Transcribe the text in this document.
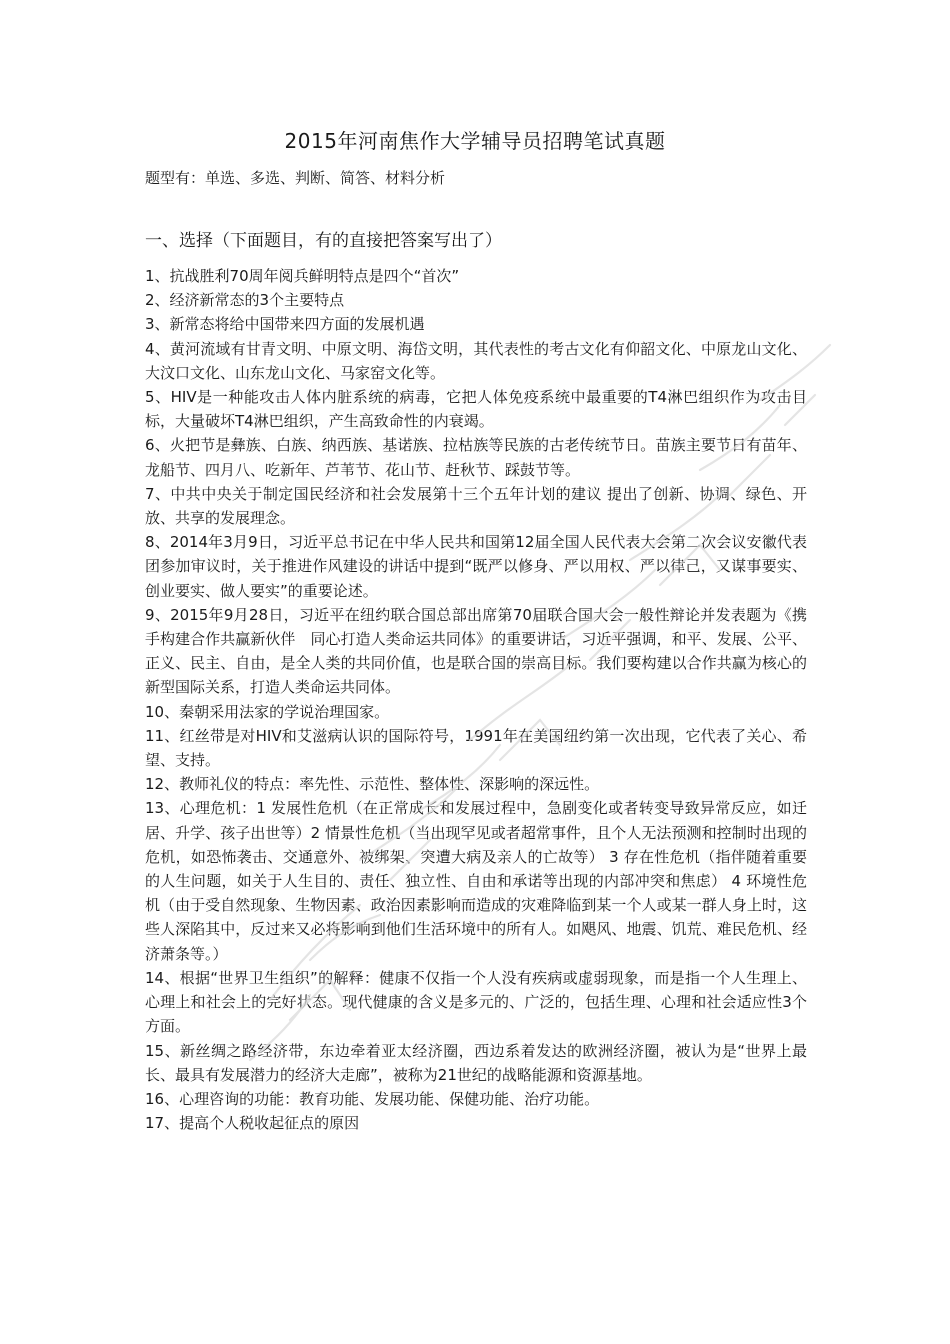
2015年河南焦作大学辅导员招聘笔试真题
题型有：单选、多选、判断、简答、材料分析
一、选择（下面题目，有的直接把答案写出了）

1、抗战胜利70周年阅兵鲜明特点是四个“首次”

2、经济新常态的3个主要特点

3、新常态将给中国带来四方面的发展机遇

4、黄河流域有甘青文明、中原文明、海岱文明，其代表性的考古文化有仰韶文化、中原龙山文化、大汶口文化、山东龙山文化、马家窑文化等。

5、HIV是一种能攻击人体内脏系统的病毒，它把人体免疫系统中最重要的T4淋巴组织作为攻击目标，大量破坏T4淋巴组织，产生高致命性的内衰竭。

6、火把节是彝族、白族、纳西族、基诺族、拉枯族等民族的古老传统节日。苗族主要节日有苗年、龙船节、四月八、吃新年、芦苇节、花山节、赶秋节、踩鼓节等。

7、中共中央关于制定国民经济和社会发展第十三个五年计划的建议 提出了创新、协调、绿色、开放、共享的发展理念。

8、2014年3月9日，习近平总书记在中华人民共和国第12届全国人民代表大会第二次会议安徽代表团参加审议时，关于推进作风建设的讲话中提到“既严以修身、严以用权、严以律己，又谋事要实、创业要实、做人要实”的重要论述。

9、2015年9月28日，习近平在纽约联合国总部出席第70届联合国大会一般性辩论并发表题为《携手构建合作共赢新伙伴　同心打造人类命运共同体》的重要讲话，习近平强调，和平、发展、公平、正义、民主、自由，是全人类的共同价值，也是联合国的崇高目标。我们要构建以合作共赢为核心的新型国际关系，打造人类命运共同体。

10、秦朝采用法家的学说治理国家。

11、红丝带是对HIV和艾滋病认识的国际符号，1991年在美国纽约第一次出现，它代表了关心、希望、支持。

12、教师礼仪的特点：率先性、示范性、整体性、深影响的深远性。

13、心理危机：1 发展性危机（在正常成长和发展过程中，急剧变化或者转变导致异常反应，如迁居、升学、孩子出世等）2 情景性危机（当出现罕见或者超常事件，且个人无法预测和控制时出现的危机，如恐怖袭击、交通意外、被绑架、突遭大病及亲人的亡故等） 3 存在性危机（指伴随着重要的人生问题，如关于人生目的、责任、独立性、自由和承诺等出现的内部冲突和焦虑） 4 环境性危机（由于受自然现象、生物因素、政治因素影响而造成的灾难降临到某一个人或某一群人身上时，这些人深陷其中，反过来又必将影响到他们生活环境中的所有人。如飓风、地震、饥荒、难民危机、经济萧条等。）

14、根据“世界卫生组织”的解释：健康不仅指一个人没有疾病或虚弱现象，而是指一个人生理上、心理上和社会上的完好状态。现代健康的含义是多元的、广泛的，包括生理、心理和社会适应性3个方面。

15、新丝绸之路经济带，东边牵着亚太经济圈，西边系着发达的欧洲经济圈，被认为是“世界上最长、最具有发展潜力的经济大走廊”，被称为21世纪的战略能源和资源基地。

16、心理咨询的功能：教育功能、发展功能、保健功能、治疗功能。

17、提高个人税收起征点的原因
